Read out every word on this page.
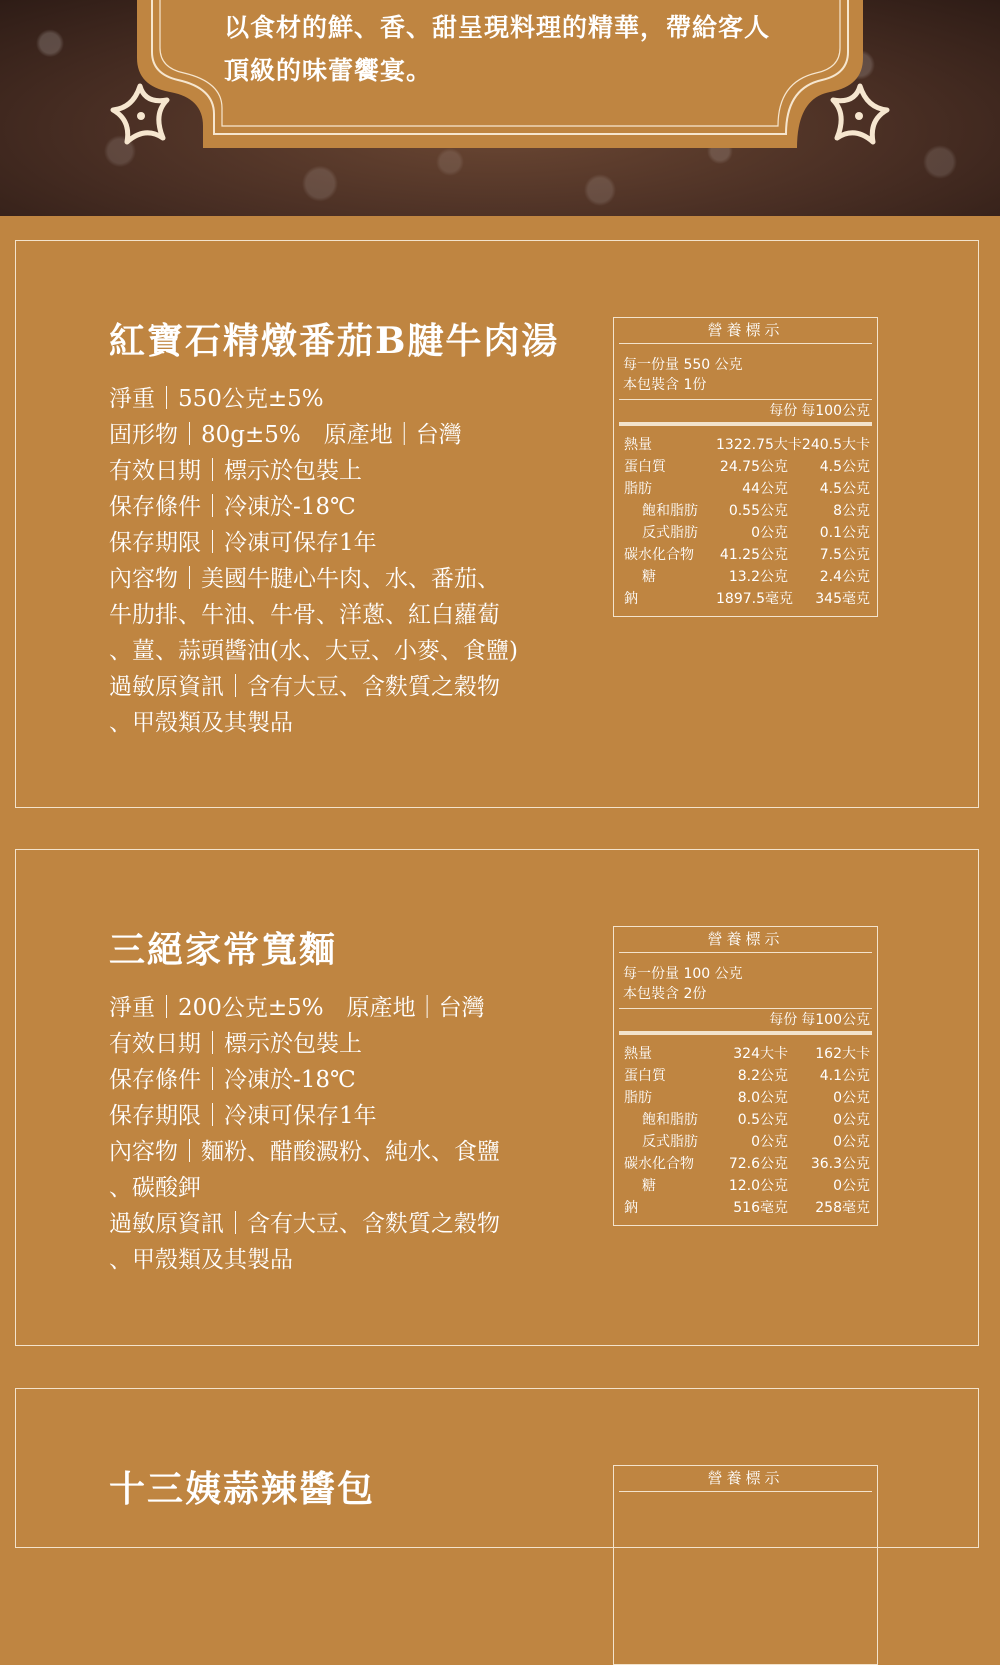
以食材的鮮、香、甜呈現料理的精華，帶給客人頂級的味蕾饗宴。
紅寶石精燉番茄B腱牛肉湯
淨重｜550公克±5%
固形物｜80g±5%　原產地｜台灣
有效日期｜標示於包裝上
保存條件｜冷凍於-18℃
保存期限｜冷凍可保存1年
內容物｜美國牛腱心牛肉、水、番茄、
牛肋排、牛油、牛骨、洋蔥、紅白蘿蔔
、薑、蒜頭醬油(水、大豆、小麥、食鹽)
過敏原資訊｜含有大豆、含麩質之穀物
、甲殼類及其製品
營養標示
每一份量 550 公克
本包裝含 1份
每份 每100公克
熱量	1322.75大卡 240.5大卡
蛋白質	24.75公克	4.5公克
脂肪	44公克	4.5公克
飽和脂肪	0.55公克	8公克
反式脂肪	0公克	0.1公克
碳水化合物	41.25公克	7.5公克
糖	13.2公克	2.4公克
鈉	1897.5毫克	345毫克
三絕家常寬麵
淨重｜200公克±5%　原產地｜台灣
有效日期｜標示於包裝上
保存條件｜冷凍於-18℃
保存期限｜冷凍可保存1年
內容物｜麵粉、醋酸澱粉、純水、食鹽
、碳酸鉀
過敏原資訊｜含有大豆、含麩質之穀物
、甲殼類及其製品
營養標示
每一份量 100 公克
本包裝含 2份
每份 每100公克
熱量	324大卡	162大卡
蛋白質	8.2公克	4.1公克
脂肪	8.0公克	0公克
飽和脂肪	0.5公克	0公克
反式脂肪	0公克	0公克
碳水化合物	72.6公克	36.3公克
糖	12.0公克	0公克
鈉	516毫克	258毫克
十三姨蒜辣醬包	營養標示
